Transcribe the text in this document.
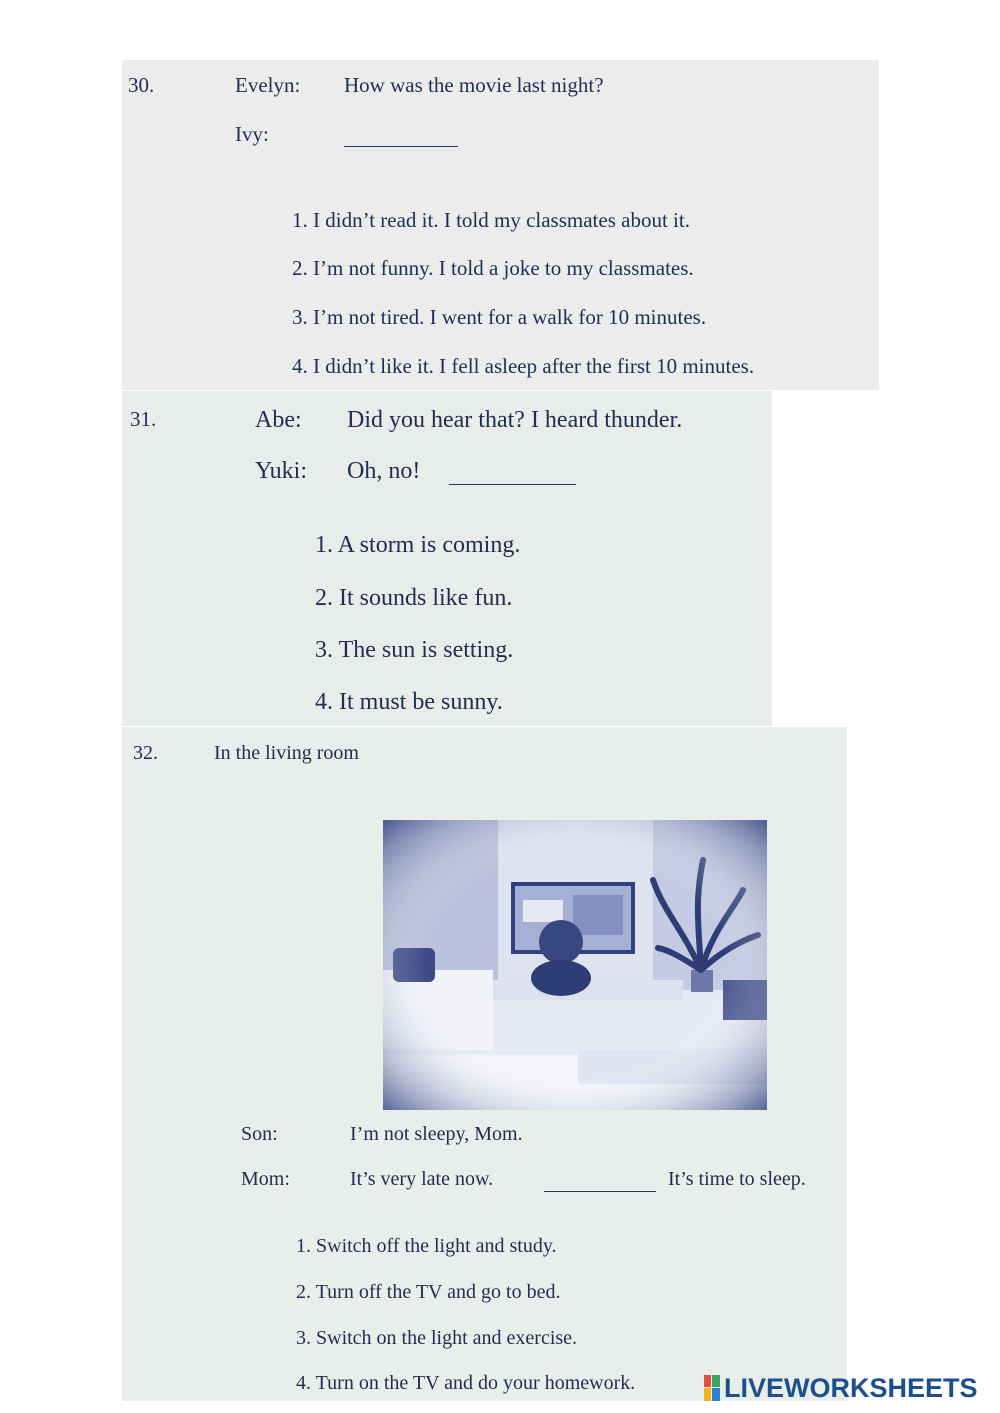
30.	Evelyn: How was the movie last night?
Ivy:
1. I didn’t read it. I told my classmates about it.
2. I’m not funny. I told a joke to my classmates.
3. I’m not tired. I went for a walk for 10 minutes.
4. I didn’t like it. I fell asleep after the first 10 minutes.
31.	Abe: Did you hear that? I heard thunder.
Yuki: Oh, no!
1. A storm is coming.
2. It sounds like fun.
3. The sun is setting.
4. It must be sunny.
32.	In the living room
Son:	I’m not sleepy, Mom.
Mom:	It’s very late now.	It’s time to sleep.
1. Switch off the light and study.
2. Turn off the TV and go to bed.
3. Switch on the light and exercise.
4. Turn on the TV and do your homework.	LIVEWORKSHEETS
